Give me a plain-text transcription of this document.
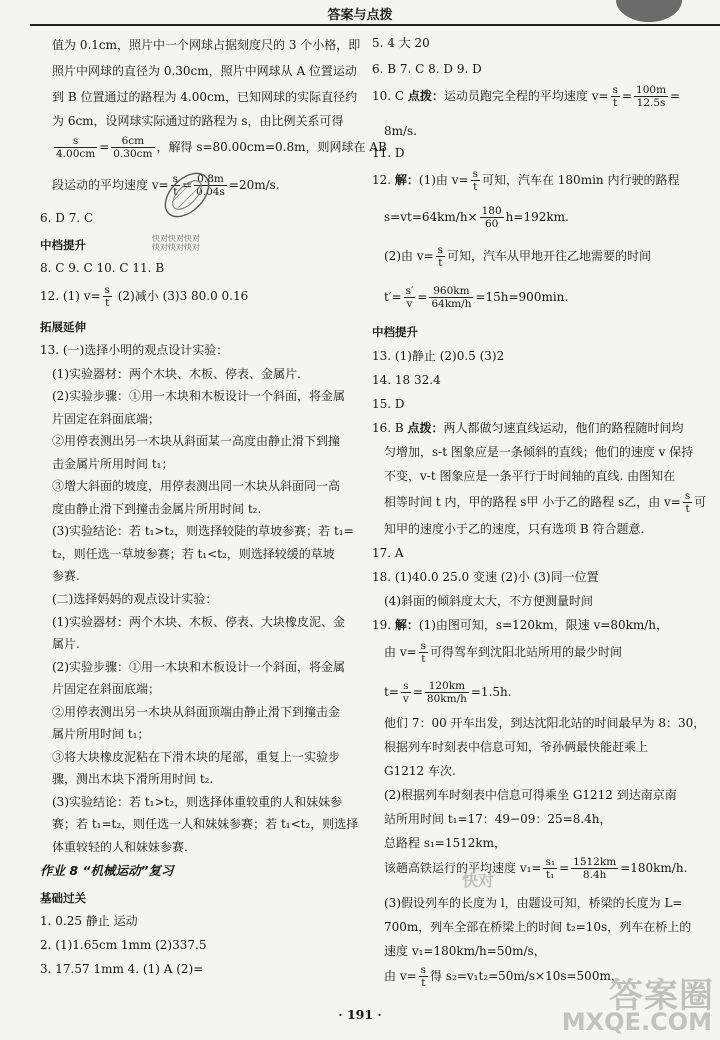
答案与点拨
值为 0.1cm，照片中一个网球占据刻度尺的 3 个小格，即
照片中网球的直径为 0.30cm，照片中网球从 A 位置运动
到 B 位置通过的路程为 4.00cm，已知网球的实际直径约
为 6cm，设网球实际通过的路程为 s，由比例关系可得
$\frac{s}{4.00cm} = \frac{6cm}{0.30cm}$ ，解得 s=80.00cm=0.8m，则网球在 AB
段运动的平均速度 $v= \frac{s}{t} = \frac{0.8m}{0.04s} =20m/s$.
6. D 7. C
中档提升
8. C 9. C 10. C 11. B
12. (1) $v= \frac{s}{t} (2)$减小 (3)3 80.0 0.16
拓展延伸
13. (一)选择小明的观点设计实验：
(1)实验器材：两个木块、木板、停表、金属片.
(2)实验步骤：①用一木块和木板设计一个斜面，将金属
片固定在斜面底端；
②用停表测出另一木块从斜面某一高度由静止滑下到撞
击金属片所用时间 t₁；
③增大斜面的坡度，用停表测出同一木块从斜面同一高
度由静止滑下到撞击金属片所用时间 t₂.
(3)实验结论：若 t₁>t₂，则选择较陡的草坡参赛；若 t₁=
t₂，则任选一草坡参赛；若 t₁<t₂，则选择较缓的草坡
参赛.
(二)选择妈妈的观点设计实验：
(1)实验器材：两个木块、木板、停表、大块橡皮泥、金
属片.
(2)实验步骤：①用一木块和木板设计一个斜面，将金属
片固定在斜面底端；
②用停表测出另一木块从斜面顶端由静止滑下到撞击金
属片所用时间 t₁；
③将大块橡皮泥粘在下滑木块的尾部，重复上一实验步
骤，测出木块下滑所用时间 t₂.
(3)实验结论：若 t₁>t₂，则选择体重较重的人和妹妹参
赛；若 t₁=t₂，则任选一人和妹妹参赛；若 t₁<t₂，则选择
体重较轻的人和妹妹参赛.
作业 8 “机械运动”复习
基础过关
1. 0.25 静止 运动
2. (1)1.65cm 1mm (2)337.5
3. 17.57 1mm 4. (1) A (2)=
快对快对快对
快对快对快对
5. 4 大 20
6. B 7. C 8. D 9. D
10. C 点拨：运动员跑完全程的平均速度 $v= \frac{s}{t} = \frac{100m}{12.5s}$ =
8m/s.
11. D
12. 解：(1)由 $v= \frac{s}{t}$ 可知，汽车在 180min 内行驶的路程
$s=vt=64km/h\times \frac{180}{60} h=192km$.
(2)由 $v= \frac{s}{t}$ 可知，汽车从甲地开往乙地需要的时间
$t'= \frac{s'}{v} = \frac{960km}{64km/h} =15h=900\min$.
中档提升
13. (1)静止 (2)0.5 (3)2
14. 18 32.4
15. D
16. B 点拨：两人都做匀速直线运动，他们的路程随时间均
匀增加，s-t 图象应是一条倾斜的直线；他们的速度 v 保持
不变，v-t 图象应是一条平行于时间轴的直线. 由图知在
相等时间 t 内，甲的路程 s甲 小于乙的路程 s乙，由 $v= \frac{s}{t}$ 可
知甲的速度小于乙的速度，只有选项 B 符合题意.
17. A
18. (1)40.0 25.0 变速 (2)小 (3)同一位置
(4)斜面的倾斜度太大，不方便测量时间
19. 解：(1)由图可知，s=120km，限速 v=80km/h，
由 $v= \frac{s}{t}$ 可得驾车到沈阳北站所用的最少时间
$t= \frac{s}{v} = \frac{120km}{80km/h} =1.5h$.
他们 7：00 开车出发，到达沈阳北站的时间最早为 8：30，
根据列车时刻表中信息可知，爷孙俩最快能赶乘上
G1212 车次.
(2)根据列车时刻表中信息可得乘坐 G1212 到达南京南
站所用时间 t₁=17：49−09：25=8.4h，
总路程 s₁=1512km，
该趟高铁运行的平均速度 $v_1= \frac{\text{s₁}}{\text{t₁}} = \frac{1512km}{8.4h} =180km/h$.
(3)假设列车的长度为 l，由题设可知，桥梁的长度为 L=
700m，列车全部在桥梁上的时间 t₂=10s，列车在桥上的
速度 v₁=180km/h=50m/s，
由 $v= \frac{s}{t}$ 得 s₂=v₁t₂=50m/s×10s=500m，
快对
· 191 ·	答案圈
MXQE.COM
